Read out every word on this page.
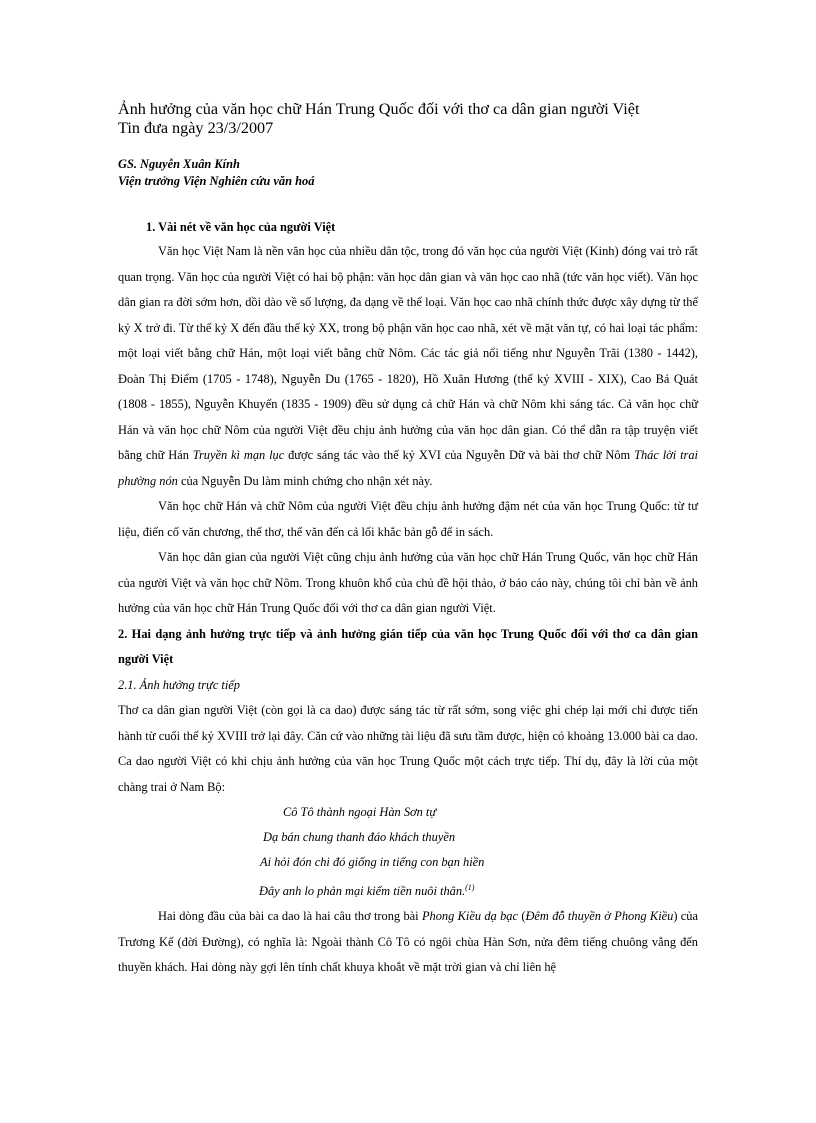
Ảnh hưởng của văn học chữ Hán Trung Quốc đối với thơ ca dân gian người Việt

Tin đưa ngày 23/3/2007

GS. Nguyễn Xuân Kính

Viện trưởng Viện Nghiên cứu văn hoá

1. Vài nét về văn học của người Việt

Văn học Việt Nam là nền văn học của nhiều dân tộc, trong đó văn học của người Việt (Kinh) đóng vai trò rất quan trọng. Văn học của người Việt có hai bộ phận: văn học dân gian và văn học cao nhã (tức văn học viết). Văn học dân gian ra đời sớm hơn, dồi dào về số lượng, đa dạng về thể loại. Văn học cao nhã chính thức được xây dựng từ thế kỷ X trở đi. Từ thế kỷ X đến đầu thế kỷ XX, trong bộ phận văn học cao nhã, xét về mặt văn tự, có hai loại tác phẩm: một loại viết bằng chữ Hán, một loại viết bằng chữ Nôm. Các tác giả nổi tiếng như Nguyễn Trãi (1380 - 1442), Đoàn Thị Điểm (1705 - 1748), Nguyễn Du (1765 - 1820), Hồ Xuân Hương (thế kỷ XVIII - XIX), Cao Bá Quát (1808 - 1855), Nguyễn Khuyến (1835 - 1909) đều sử dụng cả chữ Hán và chữ Nôm khi sáng tác. Cả văn học chữ Hán và văn học chữ Nôm của người Việt đều chịu ảnh hưởng của văn học dân gian. Có thể dẫn ra tập truyện viết bằng chữ Hán Truyền kì mạn lục được sáng tác vào thế kỷ XVI của Nguyễn Dữ và bài thơ chữ Nôm Thác lời trai phường nón của Nguyễn Du làm minh chứng cho nhận xét này.

Văn học chữ Hán và chữ Nôm của người Việt đều chịu ảnh hưởng đậm nét của văn học Trung Quốc: từ tư liệu, điển cố văn chương, thể thơ, thể văn đến cả lối khắc bản gỗ để in sách.

Văn học dân gian của người Việt cũng chịu ảnh hưởng của văn học chữ Hán Trung Quốc, văn học chữ Hán của người Việt và văn học chữ Nôm. Trong khuôn khổ của chủ đề hội thảo, ở báo cáo này, chúng tôi chỉ bàn về ảnh hưởng của văn học chữ Hán Trung Quốc đối với thơ ca dân gian người Việt.

2. Hai dạng ảnh hưởng trực tiếp và ảnh hưởng gián tiếp của văn học Trung Quốc đối với thơ ca dân gian người Việt

2.1. Ảnh hưởng trực tiếp

Thơ ca dân gian người Việt (còn gọi là ca dao) được sáng tác từ rất sớm, song việc ghi chép lại mới chỉ được tiến hành từ cuối thế kỷ XVIII trở lại đây. Căn cứ vào những tài liệu đã sưu tầm được, hiện có khoảng 13.000 bài ca dao. Ca dao người Việt có khi chịu ảnh hưởng của văn học Trung Quốc một cách trực tiếp. Thí dụ, đây là lời của một chàng trai ở Nam Bộ:

Cô Tô thành ngoại Hàn Sơn tự
Dạ bán chung thanh đáo khách thuyền
Ai hỏi đón chi đó giống in tiếng con bạn hiền
Đây anh lo phản mại kiếm tiền nuôi thân.$^{(1)}$

Hai dòng đầu của bài ca dao là hai câu thơ trong bài Phong Kiều dạ bạc (Đêm đỗ thuyền ở Phong Kiều) của Trương Kế (đời Đường), có nghĩa là: Ngoài thành Cô Tô có ngôi chùa Hàn Sơn, nửa đêm tiếng chuông vẳng đến thuyền khách. Hai dòng này gợi lên tính chất khuya khoắt về mặt trời gian và chỉ liên hệ
